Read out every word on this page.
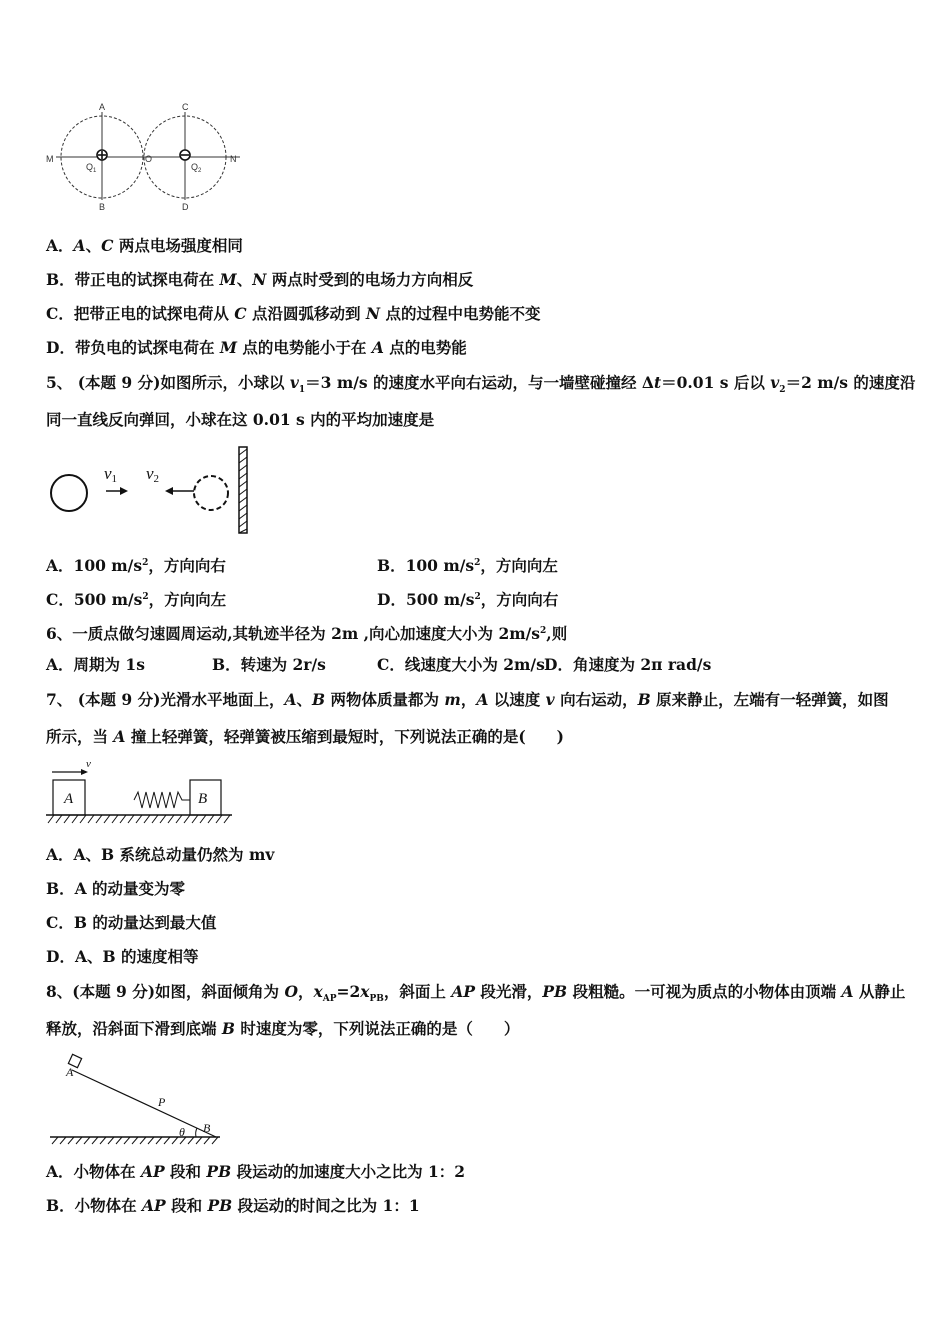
A
B
C
D
M	N
O
$Q_1$	$Q_2$
A．A、C 两点电场强度相同
B．带正电的试探电荷在 M、N 两点时受到的电场力方向相反
C．把带正电的试探电荷从 C 点沿圆弧移动到 N 点的过程中电势能不变
D．带负电的试探电荷在 M 点的电势能小于在 A 点的电势能
5、 (本题 9 分)如图所示，小球以 $v_1=3$ m/s 的速度水平向右运动，与一墙壁碰撞经 Δt＝0.01 s 后以 $v_2=2$ m/s 的速度沿
同一直线反向弹回，小球在这 0.01 s 内的平均加速度是
v1 v2
A．100 $m/s^2$，方向向右	B．100 $m/s^2$，方向向左
C．500 $m/s^2$，方向向左	D．500 $m/s^2$，方向向右
6、一质点做匀速圆周运动,其轨迹半径为 2m ,向心加速度大小为 $2m/s^2$,则
A．周期为 1s	B．转速为 2r/s	C．线速度大小为 2m/s D．角速度为 2π rad/s
7、 (本题 9 分)光滑水平地面上，A、B 两物体质量都为 m，A 以速度 v 向右运动，B 原来静止，左端有一轻弹簧，如图
所示，当 A 撞上轻弹簧，轻弹簧被压缩到最短时，下列说法正确的是(　　)
v
A	B
A．A、B 系统总动量仍然为 mv
B．A 的动量变为零
C．B 的动量达到最大值
D．A、B 的速度相等
8、(本题 9 分)如图，斜面倾角为 O，$x_{AP}=2x_{PB}$，斜面上 AP 段光滑，PB 段粗糙。一可视为质点的小物体由顶端 A 从静止
释放，沿斜面下滑到底端 B 时速度为零，下列说法正确的是（　　）
A
P
θ B
A．小物体在 AP 段和 PB 段运动的加速度大小之比为 1：2
B．小物体在 AP 段和 PB 段运动的时间之比为 1：1
